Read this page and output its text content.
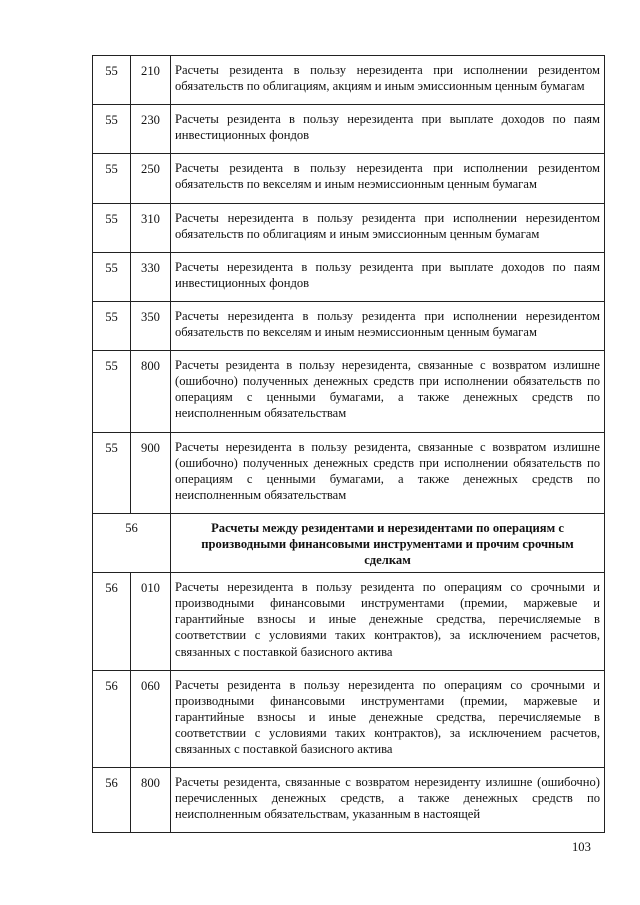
55	210	Расчеты резидента в пользу нерезидента при исполнении резидентом обязательств по облигациям, акциям и иным эмиссионным ценным бумагам
55	230	Расчеты резидента в пользу нерезидента при выплате доходов по паям инвестиционных фондов
55	250	Расчеты резидента в пользу нерезидента при исполнении резидентом обязательств по векселям и иным неэмиссионным ценным бумагам
55	310	Расчеты нерезидента в пользу резидента при исполнении нерезидентом обязательств по облигациям и иным эмиссионным ценным бумагам
55	330	Расчеты нерезидента в пользу резидента при выплате доходов по паям инвестиционных фондов
55	350	Расчеты нерезидента в пользу резидента при исполнении нерезидентом обязательств по векселям и иным неэмиссионным ценным бумагам
55	800	Расчеты резидента в пользу нерезидента, связанные с возвратом излишне (ошибочно) полученных денежных средств при исполнении обязательств по операциям с ценными бумагами, а также денежных средств по неисполненным обязательствам
55	900	Расчеты нерезидента в пользу резидента, связанные с возвратом излишне (ошибочно) полученных денежных средств при исполнении обязательств по операциям с ценными бумагами, а также денежных средств по неисполненным обязательствам
56		Расчеты между резидентами и нерезидентами по операциям с производными финансовыми инструментами и прочим срочным сделкам
56	010	Расчеты нерезидента в пользу резидента по операциям со срочными и производными финансовыми инструментами (премии, маржевые и гарантийные взносы и иные денежные средства, перечисляемые в соответствии с условиями таких контрактов), за исключением расчетов, связанных с поставкой базисного актива
56	060	Расчеты резидента в пользу нерезидента по операциям со срочными и производными финансовыми инструментами (премии, маржевые и гарантийные взносы и иные денежные средства, перечисляемые в соответствии с условиями таких контрактов), за исключением расчетов, связанных с поставкой базисного актива
56	800	Расчеты резидента, связанные с возвратом нерезиденту излишне (ошибочно) перечисленных денежных средств, а также денежных средств по неисполненным обязательствам, указанным в настоящей
103
